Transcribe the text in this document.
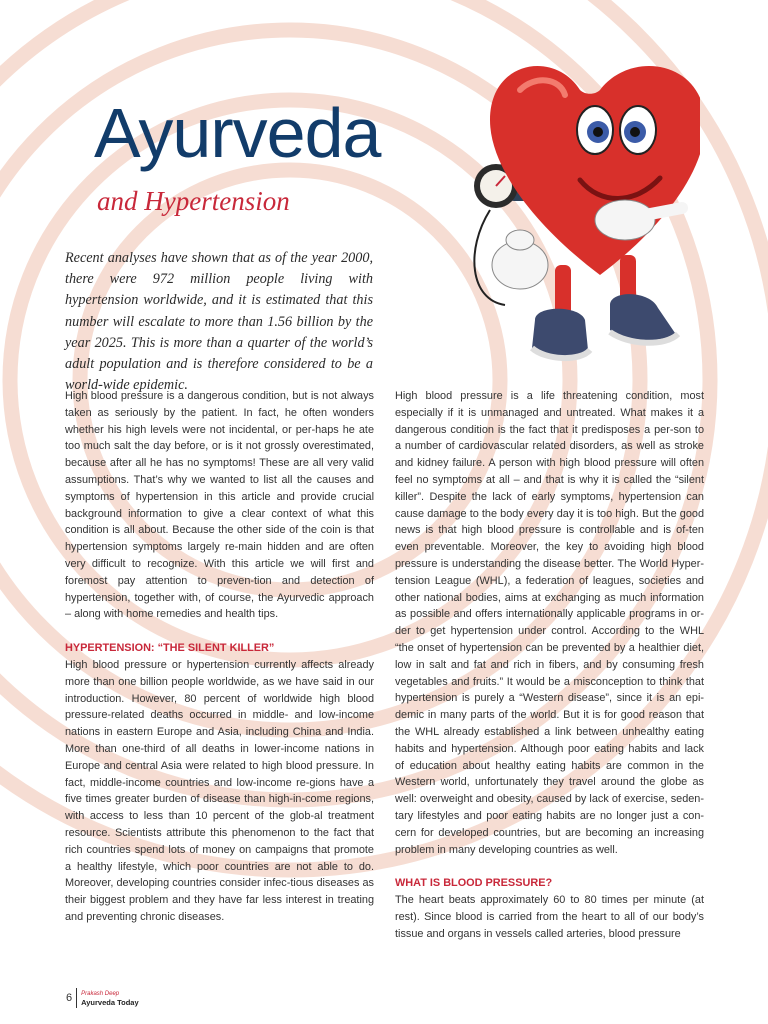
Ayurveda
and Hypertension

Recent analyses have shown that as of the year 2000, there were 972 million people living with hypertension worldwide, and it is estimated that this number will escalate to more than 1.56 billion by the year 2025. This is more than a quarter of the world’s adult population and is therefore considered to be a world-wide epidemic.

High blood pressure is a dangerous condition, but is not always taken as seriously by the patient. In fact, he often wonders whether his high levels were not incidental, or per-haps he ate too much salt the day before, or is it not grossly overestimated, because after all he has no symptoms! These are all very valid assumptions. That’s why we wanted to list all the causes and symptoms of hypertension in this article and provide crucial background information to give a clear context of what this condition is all about. Because the other side of the coin is that hypertension symptoms largely re-main hidden and are often very difficult to recognize. With this article we will first and foremost pay attention to preven-tion and detection of hypertension, together with, of course, the Ayurvedic approach – along with home remedies and health tips.

HYPERTENSION: “THE SILENT KILLER”

High blood pressure or hypertension currently affects already more than one billion people worldwide, as we have said in our introduction. However, 80 percent of worldwide high blood pressure-related deaths occurred in middle- and low-income nations in eastern Europe and Asia, including China and India. More than one-third of all deaths in lower-income nations in Europe and central Asia were related to high blood pressure. In fact, middle-income countries and low-income re-gions have a five times greater burden of disease than high-in-come regions, with access to less than 10 percent of the glob-al treatment resource. Scientists attribute this phenomenon to the fact that rich countries spend lots of money on campaigns that promote a healthy lifestyle, which poor countries are not able to do. Moreover, developing countries consider infec-tious diseases as their biggest problem and they have far less interest in treating and preventing chronic diseases.

High blood pressure is a life threatening condition, most especially if it is unmanaged and untreated. What makes it a dangerous condition is the fact that it predisposes a per-son to a number of cardiovascular related disorders, as well as stroke and kidney failure. A person with high blood pressure will often feel no symptoms at all – and that is why it is called the “silent killer”. Despite the lack of early symptoms, hypertension can cause damage to the body every day it is too high. But the good news is that high blood pressure is controllable and is of-ten even preventable. Moreover, the key to avoiding high blood pressure is understanding the disease better. The World Hyper-tension League (WHL), a federation of leagues, societies and other national bodies, aims at exchanging as much information as possible and offers internationally applicable programs in or-der to get hypertension under control. According to the WHL “the onset of hypertension can be prevented by a healthier diet, low in salt and fat and rich in fibers, and by consuming fresh vegetables and fruits.” It would be a misconception to think that hypertension is purely a “Western disease”, since it is an epi-demic in many parts of the world. But it is for good reason that the WHL already established a link between unhealthy eating habits and hypertension. Although poor eating habits and lack of education about healthy eating habits are common in the Western world, unfortunately they travel around the globe as well: overweight and obesity, caused by lack of exercise, seden-tary lifestyles and poor eating habits are no longer just a con-cern for developed countries, but are becoming an increasing problem in many developing countries as well.

WHAT IS BLOOD PRESSURE?

The heart beats approximately 60 to 80 times per minute (at rest). Since blood is carried from the heart to all of our body’s tissue and organs in vessels called arteries, blood pressure

6 Prakash Deep
Ayurveda Today
